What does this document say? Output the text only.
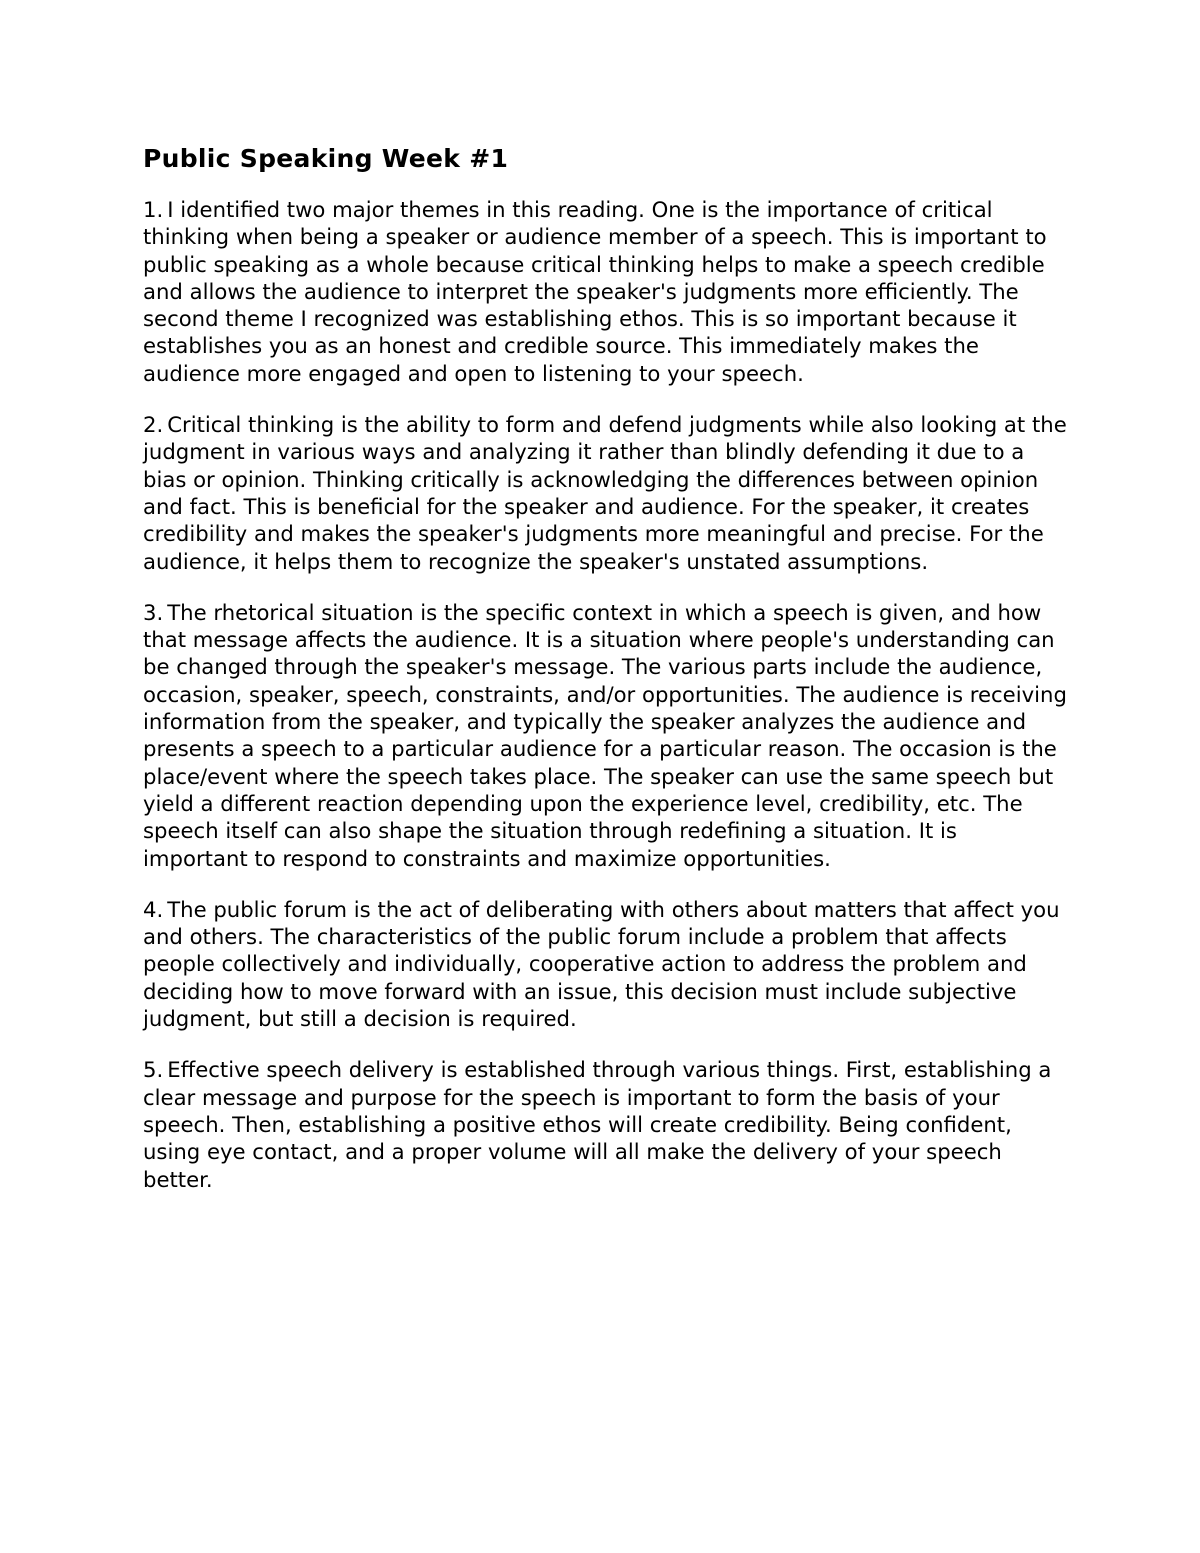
Public Speaking Week #1

1. I identified two major themes in this reading. One is the importance of critical thinking when being a speaker or audience member of a speech. This is important to public speaking as a whole because critical thinking helps to make a speech credible and allows the audience to interpret the speaker's judgments more efficiently. The second theme I recognized was establishing ethos. This is so important because it establishes you as an honest and credible source. This immediately makes the audience more engaged and open to listening to your speech.

2. Critical thinking is the ability to form and defend judgments while also looking at the judgment in various ways and analyzing it rather than blindly defending it due to a bias or opinion. Thinking critically is acknowledging the differences between opinion and fact. This is beneficial for the speaker and audience. For the speaker, it creates credibility and makes the speaker's judgments more meaningful and precise. For the audience, it helps them to recognize the speaker's unstated assumptions.

3. The rhetorical situation is the specific context in which a speech is given, and how that message affects the audience. It is a situation where people's understanding can be changed through the speaker's message. The various parts include the audience, occasion, speaker, speech, constraints, and/or opportunities. The audience is receiving information from the speaker, and typically the speaker analyzes the audience and presents a speech to a particular audience for a particular reason. The occasion is the place/event where the speech takes place. The speaker can use the same speech but yield a different reaction depending upon the experience level, credibility, etc. The speech itself can also shape the situation through redefining a situation. It is important to respond to constraints and maximize opportunities.

4. The public forum is the act of deliberating with others about matters that affect you and others. The characteristics of the public forum include a problem that affects people collectively and individually, cooperative action to address the problem and deciding how to move forward with an issue, this decision must include subjective judgment, but still a decision is required.

5. Effective speech delivery is established through various things. First, establishing a clear message and purpose for the speech is important to form the basis of your speech. Then, establishing a positive ethos will create credibility. Being confident, using eye contact, and a proper volume will all make the delivery of your speech better.
